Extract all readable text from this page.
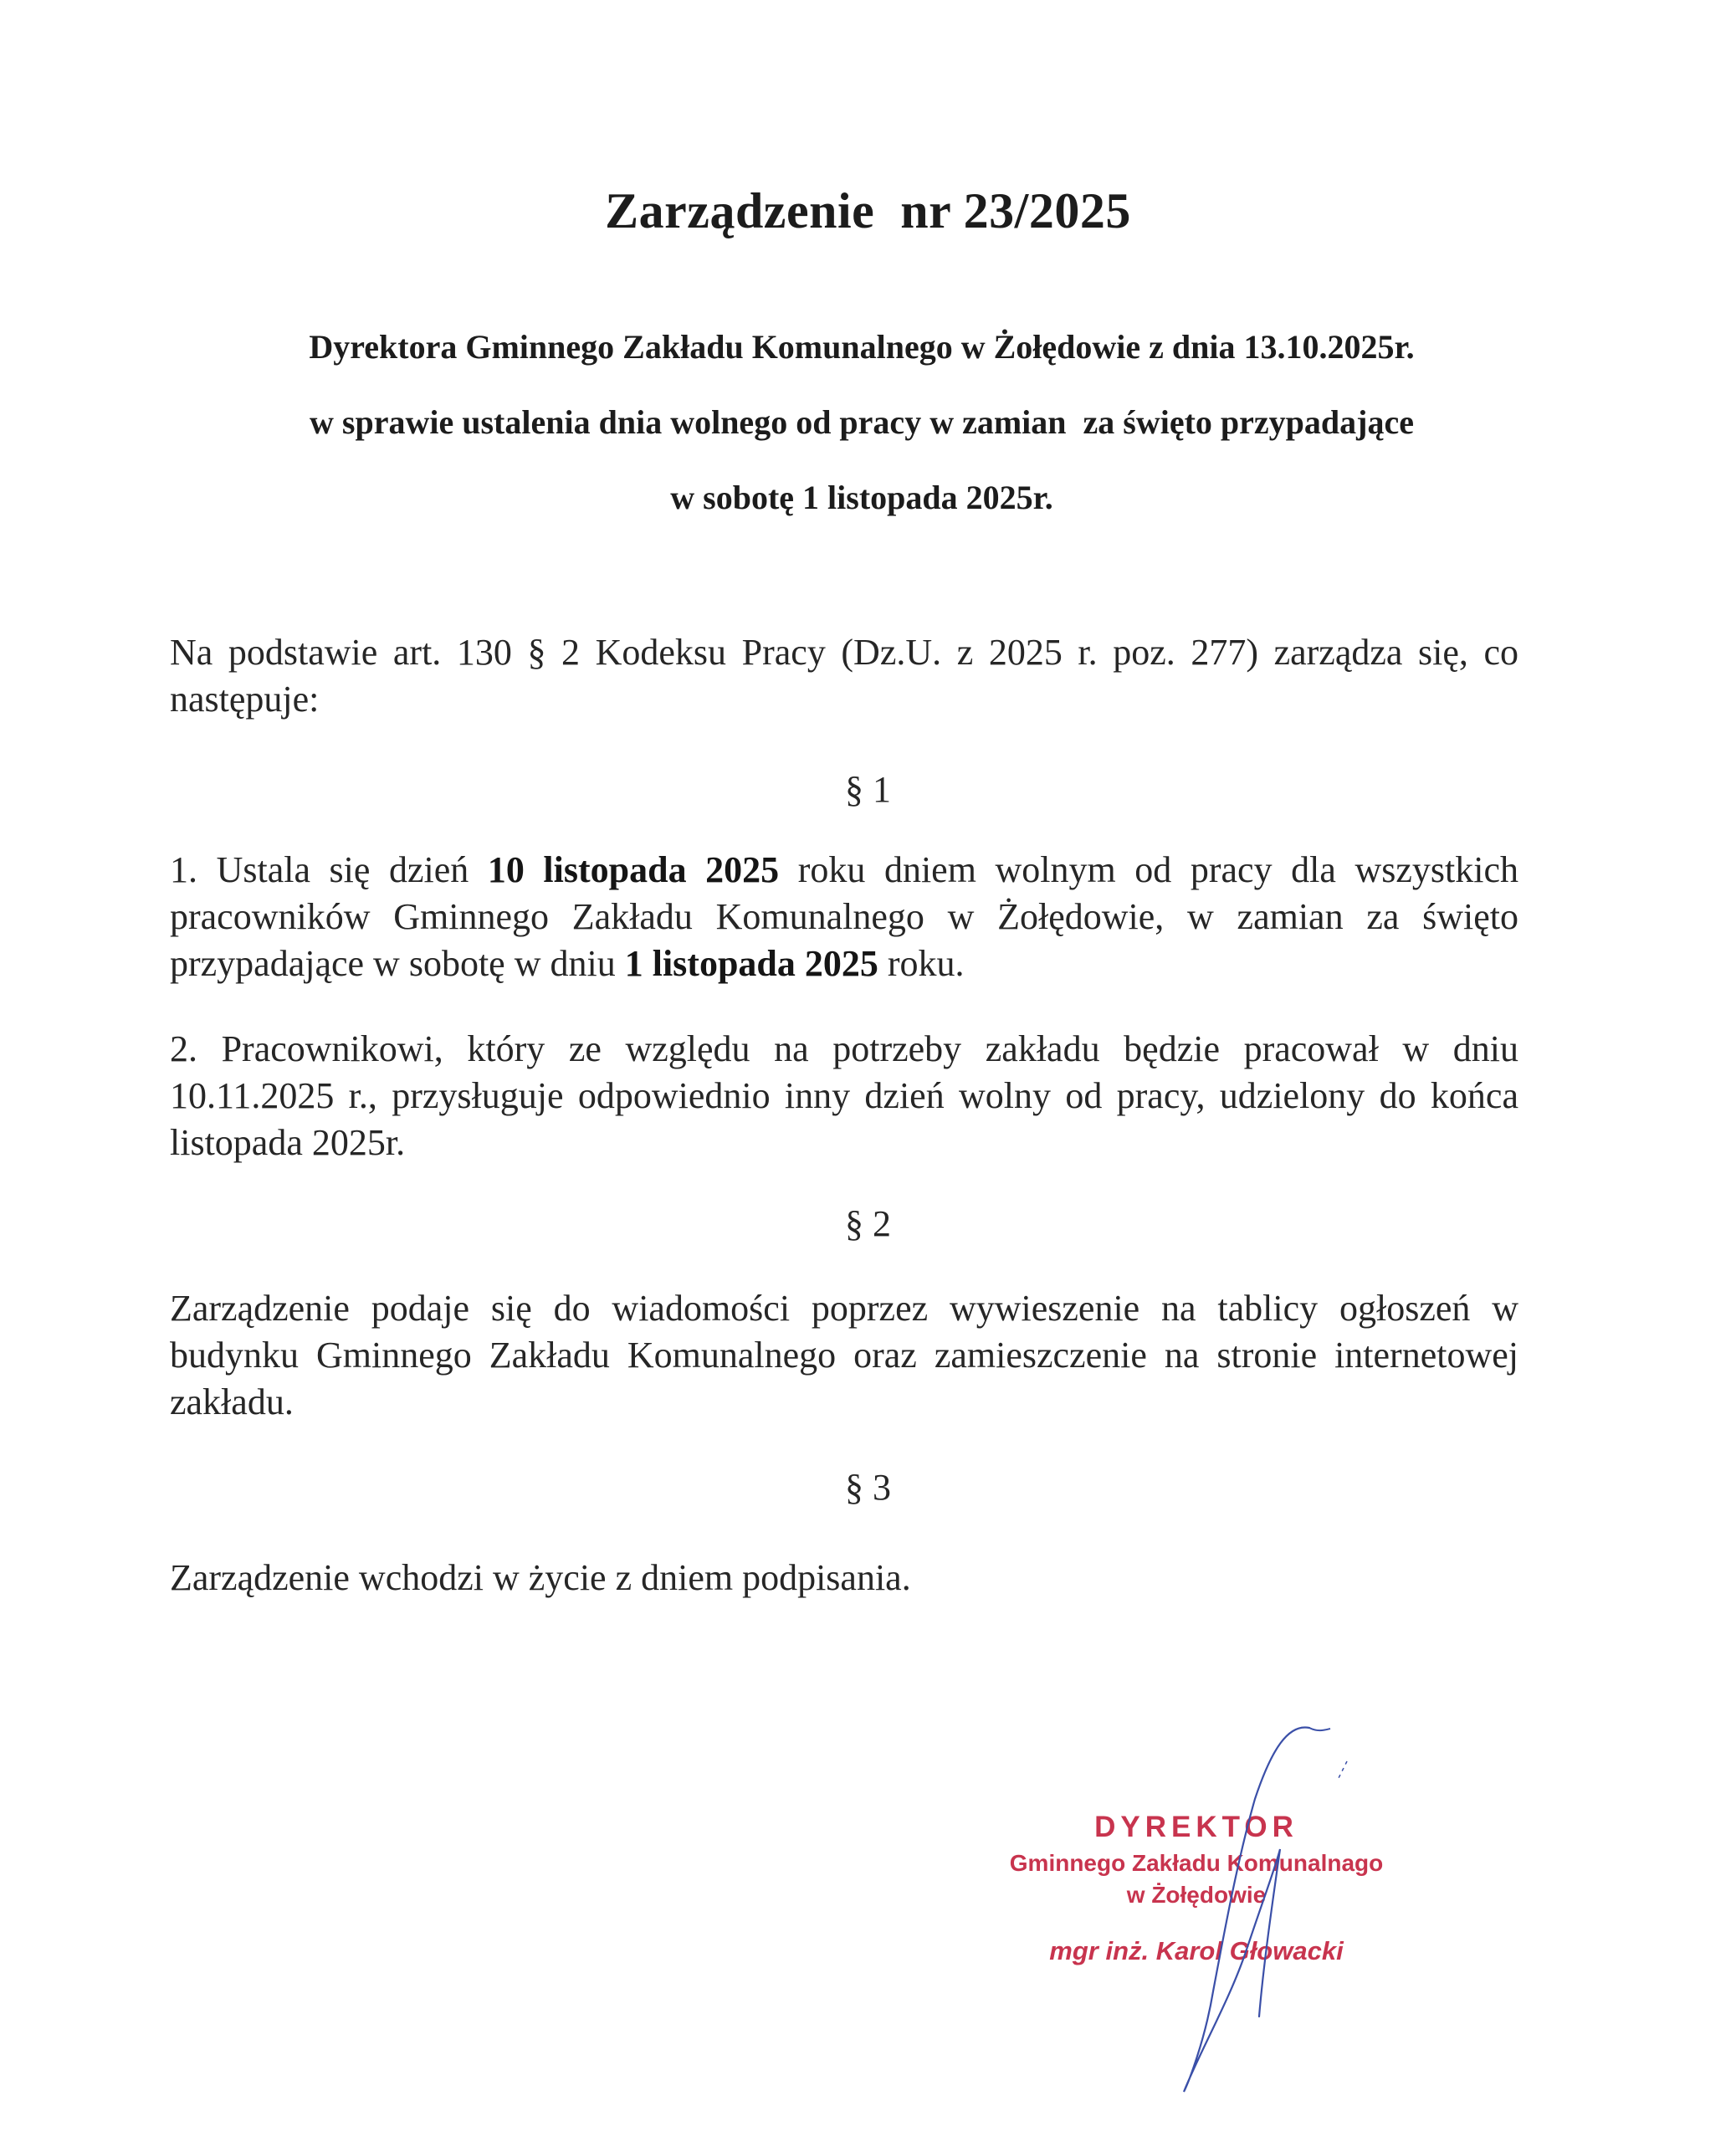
Zarządzenie  nr 23/2025
Dyrektora Gminnego Zakładu Komunalnego w Żołędowie z dnia 13.10.2025r.
w sprawie ustalenia dnia wolnego od pracy w zamian  za święto przypadające
w sobotę 1 listopada 2025r.
Na podstawie art. 130 § 2 Kodeksu Pracy (Dz.U. z 2025 r. poz. 277) zarządza się, co następuje:
§ 1
1. Ustala się dzień 10 listopada 2025 roku dniem wolnym od pracy dla wszystkich pracowników Gminnego Zakładu Komunalnego w Żołędowie, w zamian za święto przypadające w sobotę w dniu 1 listopada 2025 roku.
2. Pracownikowi, który ze względu na potrzeby zakładu będzie pracował w dniu 10.11.2025 r., przysługuje odpowiednio inny dzień wolny od pracy, udzielony do końca listopada 2025r.
§ 2
Zarządzenie podaje się do wiadomości poprzez wywieszenie na tablicy ogłoszeń w budynku Gminnego Zakładu Komunalnego oraz zamieszczenie na stronie internetowej zakładu.
§ 3
Zarządzenie wchodzi w życie z dniem podpisania.
DYREKTOR
Gminnego Zakładu Komunalnago
w Żołędowie
mgr inż. Karol Głowacki
